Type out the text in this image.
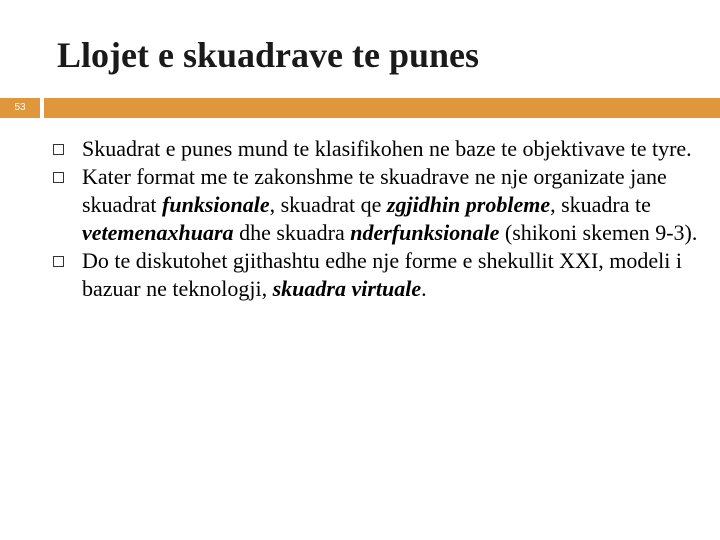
Llojet e skuadrave te punes
53
Skuadrat e punes mund te klasifikohen ne baze te objektivave te tyre.
Kater format me te zakonshme te skuadrave ne nje organizate jane skuadrat funksionale, skuadrat qe zgjidhin probleme, skuadra te vetemenaxhuara dhe skuadra nderfunksionale (shikoni skemen 9-3).
Do te diskutohet gjithashtu edhe nje forme e shekullit XXI, modeli i bazuar ne teknologji, skuadra virtuale.
